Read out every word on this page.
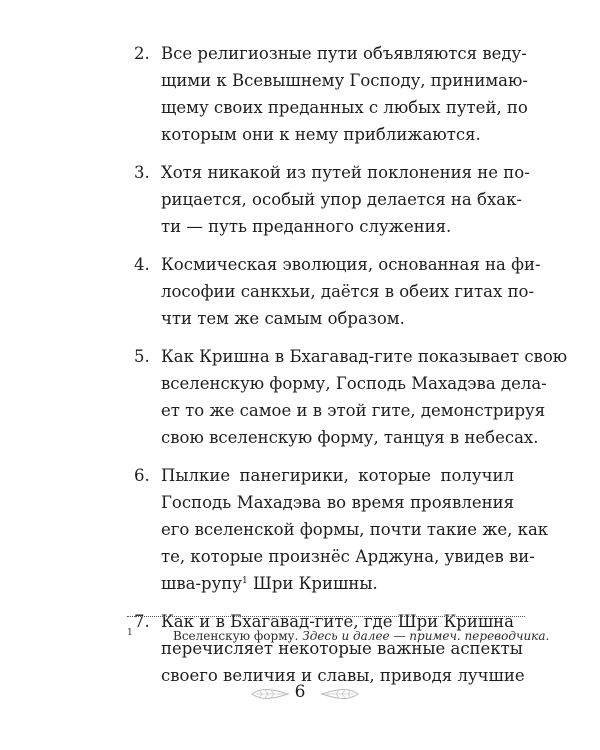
2. Все религиозные пути объявляются веду-
щими к Всевышнему Господу, принимаю-
щему своих преданных с любых путей, по
которым они к нему приближаются.
3. Хотя никакой из путей поклонения не по-
рицается, особый упор делается на бхак-
ти — путь преданного служения.
4. Космическая эволюция, основанная на фи-
лософии санкхьи, даётся в обеих гитах по-
чти тем же самым образом.
5. Как Кришна в Бхагавад-гите показывает свою
вселенскую форму, Господь Махадэва дела-
ет то же самое и в этой гите, демонстрируя
свою вселенскую форму, танцуя в небесах.
6. Пылкие панегирики, которые получил
Господь Махадэва во время проявления
его вселенской формы, почти такие же, как
те, которые произнёс Арджуна, увидев ви-
шва-рупу$^1$ Шри Кришны.
7. Как и в Бхагавад-гите, где Шри Кришна
перечисляет некоторые важные аспекты
своего величия и славы, приводя лучшие
1	Вселенскую форму. Здесь и далее — примеч. переводчика.
6
